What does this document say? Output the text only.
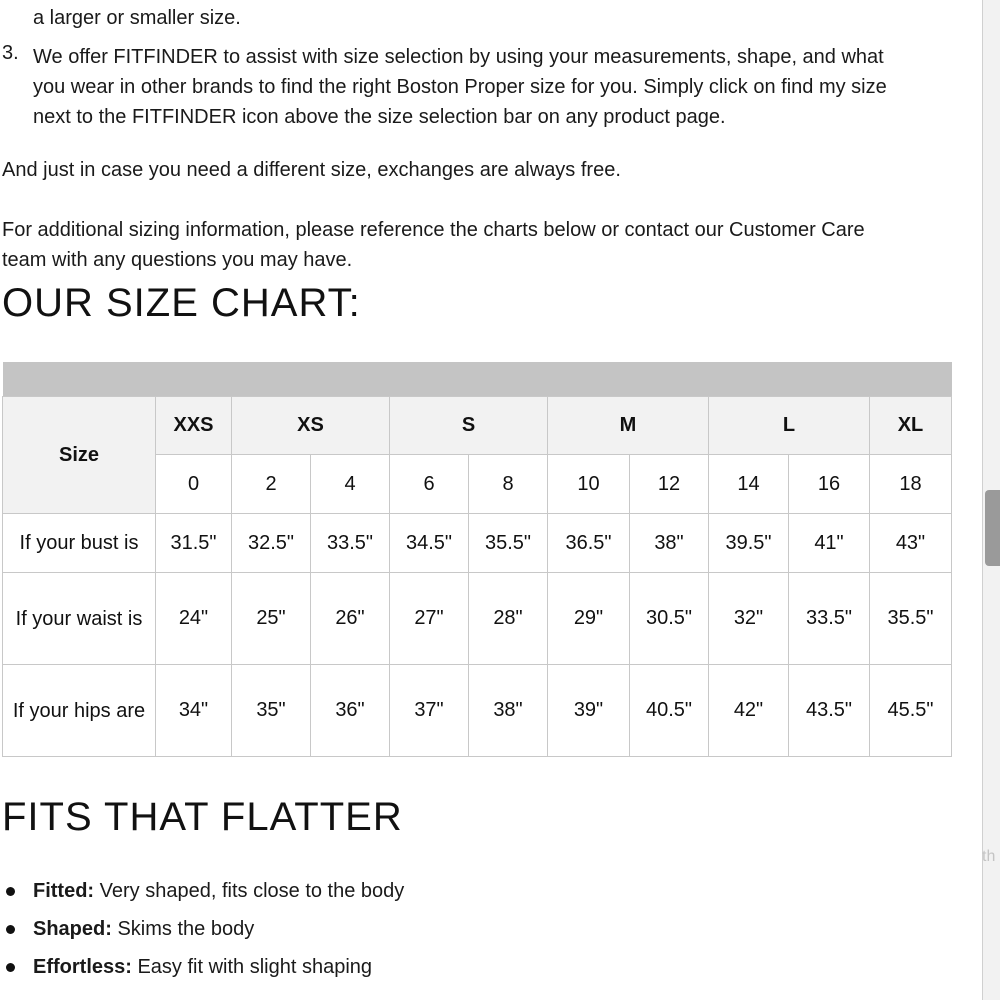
a larger or smaller size.

3. We offer FITFINDER to assist with size selection by using your measurements, shape, and what

you wear in other brands to find the right Boston Proper size for you. Simply click on find my size

next to the FITFINDER icon above the size selection bar on any product page.

And just in case you need a different size, exchanges are always free.

For additional sizing information, please reference the charts below or contact our Customer Care

team with any questions you may have.

OUR SIZE CHART:

Size	XXS	XS		S		M		L		XL
	0	2	4	6	8	10	12	14	16	18
If your bust is	31.5"	32.5"	33.5"	34.5"	35.5"	36.5"	38"	39.5"	41"	43"
If your waist is	24"	25"	26"	27"	28"	29"	30.5"	32"	33.5"	35.5"
If your hips are	34"	35"	36"	37"	38"	39"	40.5"	42"	43.5"	45.5"
FITS THAT FLATTER
Fitted: Very shaped, fits close to the body
Shaped: Skims the body
Effortless: Easy fit with slight shaping
th
